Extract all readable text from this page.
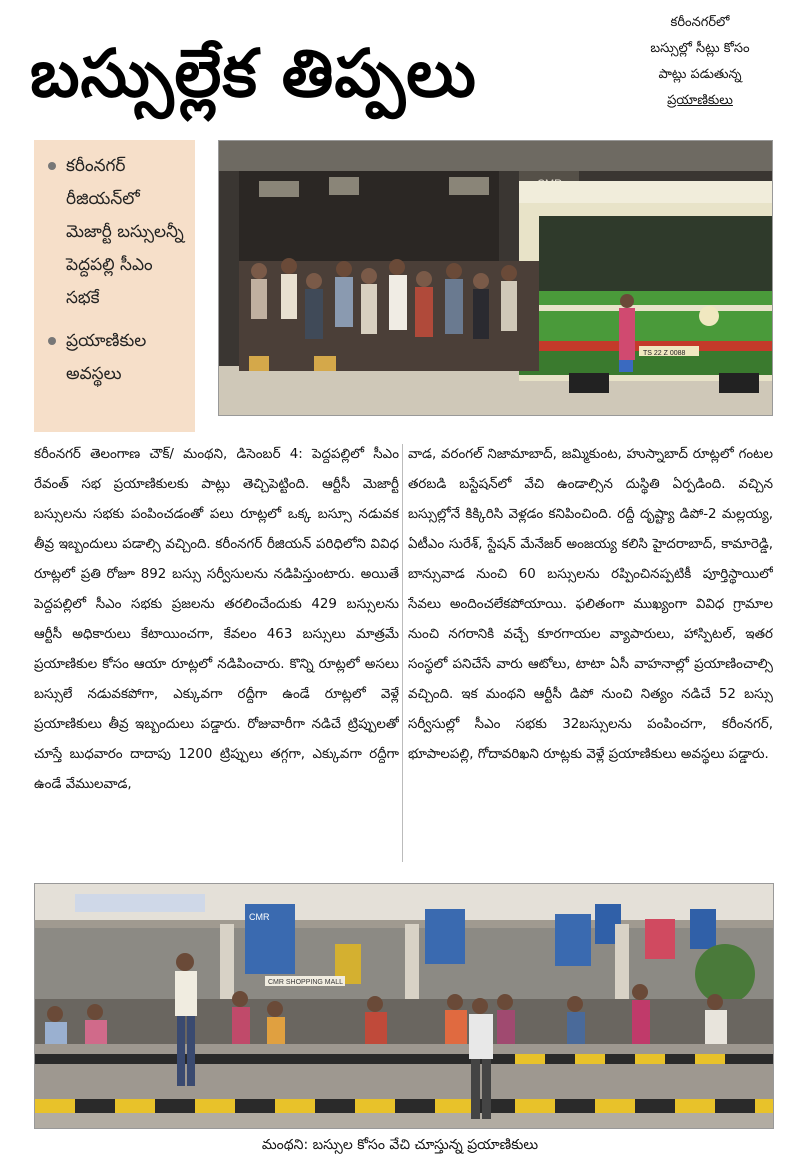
బస్సుల్లేక తిప్పలు
కరీంనగర్‌లో
బస్సుల్లో సీట్లు కోసం
పాట్లు పడుతున్న
ప్రయాణికులు
కరీంనగర్ రీజియన్‌లో మెజార్టీ బస్సులన్నీ పెద్దపల్లి సీఎం సభకే
ప్రయాణికుల అవస్థలు
TS 22 Z 0088
కరీంనగర్ తెలంగాణ చౌక్/ మంథని, డిసెంబర్ 4: పెద్దపల్లిలో సీఎం రేవంత్ సభ ప్రయాణికులకు పాట్లు తెచ్చిపెట్టింది. ఆర్టీసీ మెజార్టీ బస్సులను సభకు పంపించడంతో పలు రూట్లలో ఒక్క బస్సూ నడువక తీవ్ర ఇబ్బందులు పడాల్సి వచ్చింది. కరీంనగర్ రీజియన్ పరిధిలోని వివిధ రూట్లలో ప్రతి రోజూ 892 బస్సు సర్వీసులను నడిపిస్తుంటారు. అయితే పెద్దపల్లిలో సీఎం సభకు ప్రజలను తరలించేందుకు 429 బస్సులను ఆర్టీసీ అధికారులు కేటాయించగా, కేవలం 463 బస్సులు మాత్రమే ప్రయాణికుల కోసం ఆయా రూట్లలో నడిపించారు. కొన్ని రూట్లలో అసలు బస్సులే నడువకపోగా, ఎక్కువగా రద్దీగా ఉండే రూట్లలో వెళ్లే ప్రయాణికులు తీవ్ర ఇబ్బందులు పడ్డారు. రోజువారీగా నడిచే ట్రిప్పులతో చూస్తే బుధవారం దాదాపు 1200 ట్రిప్పులు తగ్గగా, ఎక్కువగా రద్దీగా ఉండే వేములవాడ,
వాడ, వరంగల్ నిజామాబాద్, జమ్మికుంట, హుస్నాబాద్ రూట్లలో గంటల తరబడి బస్టేషన్‌లో వేచి ఉండాల్సిన దుస్థితి ఏర్పడింది. వచ్చిన బస్సుల్లోనే కిక్కిరిసి వెళ్లడం కనిపించింది. రద్దీ దృష్ట్యా డిపో-2 మల్లయ్య, ఏటీఎం సురేశ్, స్టేషన్ మేనేజర్ అంజయ్య కలిసి హైదరాబాద్, కామారెడ్డి, బాన్సువాడ నుంచి 60 బస్సులను రప్పించినప్పటికీ పూర్తిస్థాయిలో సేవలు అందించలేకపోయాయి. ఫలితంగా ముఖ్యంగా వివిధ గ్రామాల నుంచి నగరానికి వచ్చే కూరగాయల వ్యాపారులు, హాస్పిటల్, ఇతర సంస్థలో పనిచేసే వారు ఆటోలు, టాటా ఏసీ వాహనాల్లో ప్రయాణించాల్సి వచ్చింది. ఇక మంథని ఆర్టీసీ డిపో నుంచి నిత్యం నడిచే 52 బస్సు సర్వీసుల్లో సీఎం సభకు 32బస్సులను పంపించగా, కరీంనగర్, భూపాలపల్లి, గోదావరిఖని రూట్లకు వెళ్లే ప్రయాణికులు అవస్థలు పడ్డారు.
CMR
CMR SHOPPING MALL
మంథని: బస్సుల కోసం వేచి చూస్తున్న ప్రయాణికులు
